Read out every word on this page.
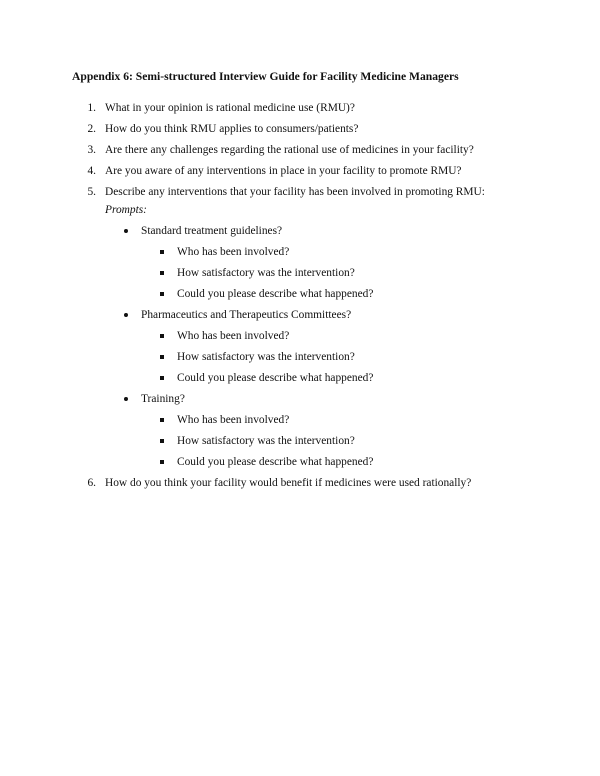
Appendix 6: Semi-structured Interview Guide for Facility Medicine Managers
1. What in your opinion is rational medicine use (RMU)?
2. How do you think RMU applies to consumers/patients?
3. Are there any challenges regarding the rational use of medicines in your facility?
4. Are you aware of any interventions in place in your facility to promote RMU?
5. Describe any interventions that your facility has been involved in promoting RMU:
Prompts:
Standard treatment guidelines?
Who has been involved?
How satisfactory was the intervention?
Could you please describe what happened?
Pharmaceutics and Therapeutics Committees?
Who has been involved?
How satisfactory was the intervention?
Could you please describe what happened?
Training?
Who has been involved?
How satisfactory was the intervention?
Could you please describe what happened?
6. How do you think your facility would benefit if medicines were used rationally?
